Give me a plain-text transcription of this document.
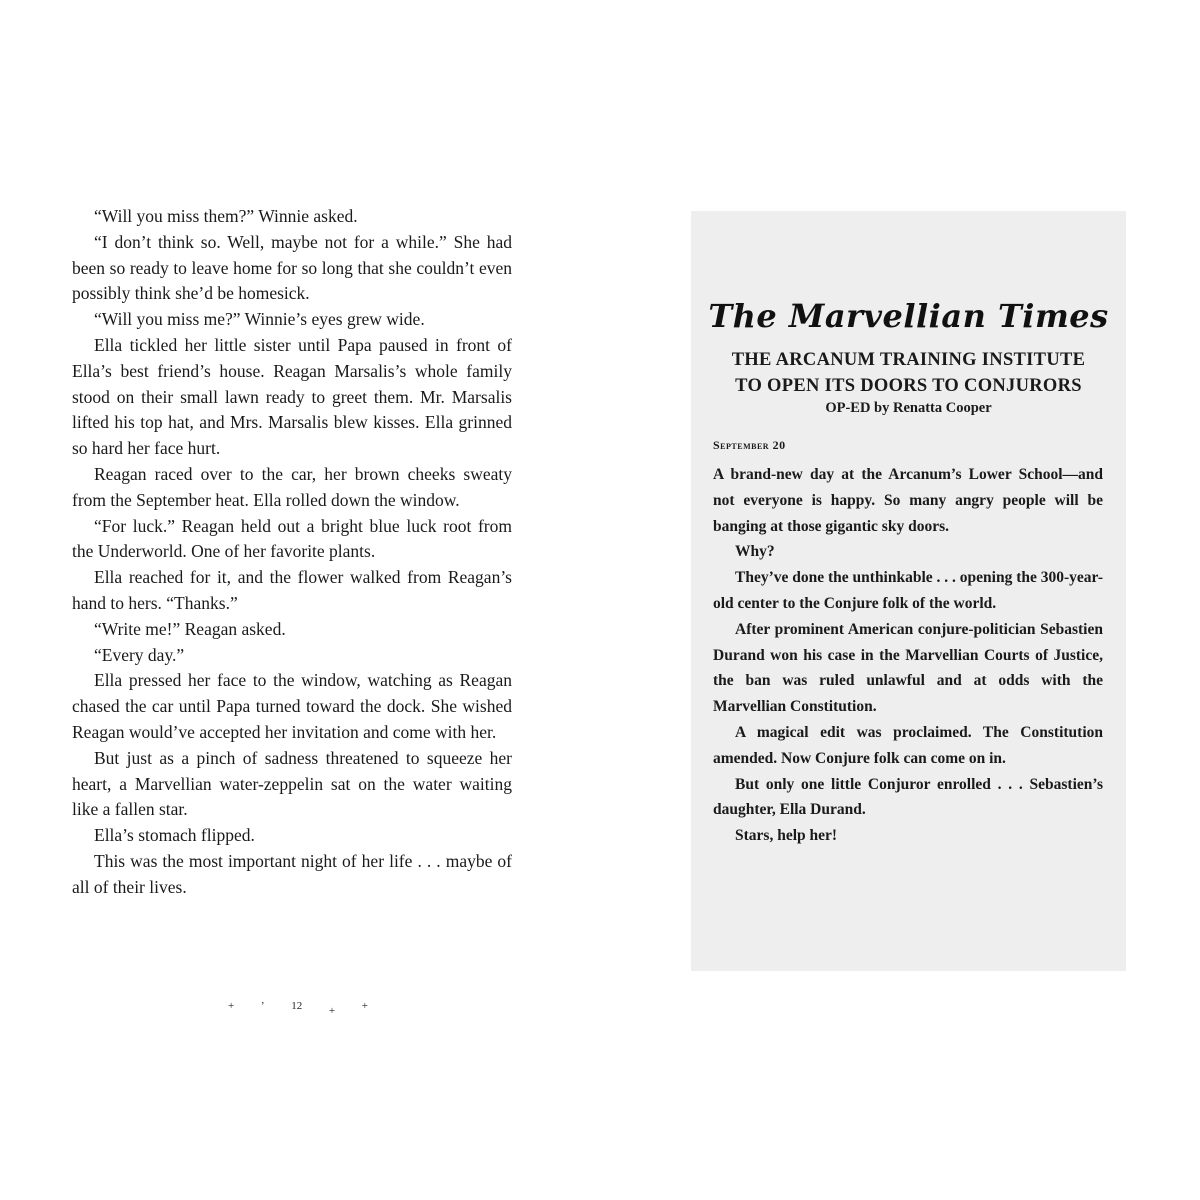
“Will you miss them?” Winnie asked.

“I don’t think so. Well, maybe not for a while.” She had been so ready to leave home for so long that she couldn’t even possibly think she’d be homesick.

“Will you miss me?” Winnie’s eyes grew wide.

Ella tickled her little sister until Papa paused in front of Ella’s best friend’s house. Reagan Marsalis’s whole family stood on their small lawn ready to greet them. Mr. Marsalis lifted his top hat, and Mrs. Marsalis blew kisses. Ella grinned so hard her face hurt.

Reagan raced over to the car, her brown cheeks sweaty from the September heat. Ella rolled down the window.

“For luck.” Reagan held out a bright blue luck root from the Underworld. One of her favorite plants.

Ella reached for it, and the flower walked from Reagan’s hand to hers. “Thanks.”

“Write me!” Reagan asked.

“Every day.”

Ella pressed her face to the window, watching as Reagan chased the car until Papa turned toward the dock. She wished Reagan would’ve accepted her invitation and come with her.

But just as a pinch of sadness threatened to squeeze her heart, a Marvellian water-zeppelin sat on the water waiting like a fallen star.

Ella’s stomach flipped.

This was the most important night of her life . . . maybe of all of their lives.

+ ʼ 12 + +
The Marvellian Times
THE ARCANUM TRAINING INSTITUTE
TO OPEN ITS DOORS TO CONJURORS
OP-ED by Renatta Cooper
September 20

A brand-new day at the Arcanum’s Lower School—and not everyone is happy. So many angry people will be banging at those gigantic sky doors.

Why?

They’ve done the unthinkable . . . opening the 300-year-old center to the Conjure folk of the world.

After prominent American conjure-politician Sebastien Durand won his case in the Marvellian Courts of Justice, the ban was ruled unlawful and at odds with the Marvellian Constitution.

A magical edit was proclaimed. The Constitution amended. Now Conjure folk can come on in.

But only one little Conjuror enrolled . . . Sebastien’s daughter, Ella Durand.

Stars, help her!
